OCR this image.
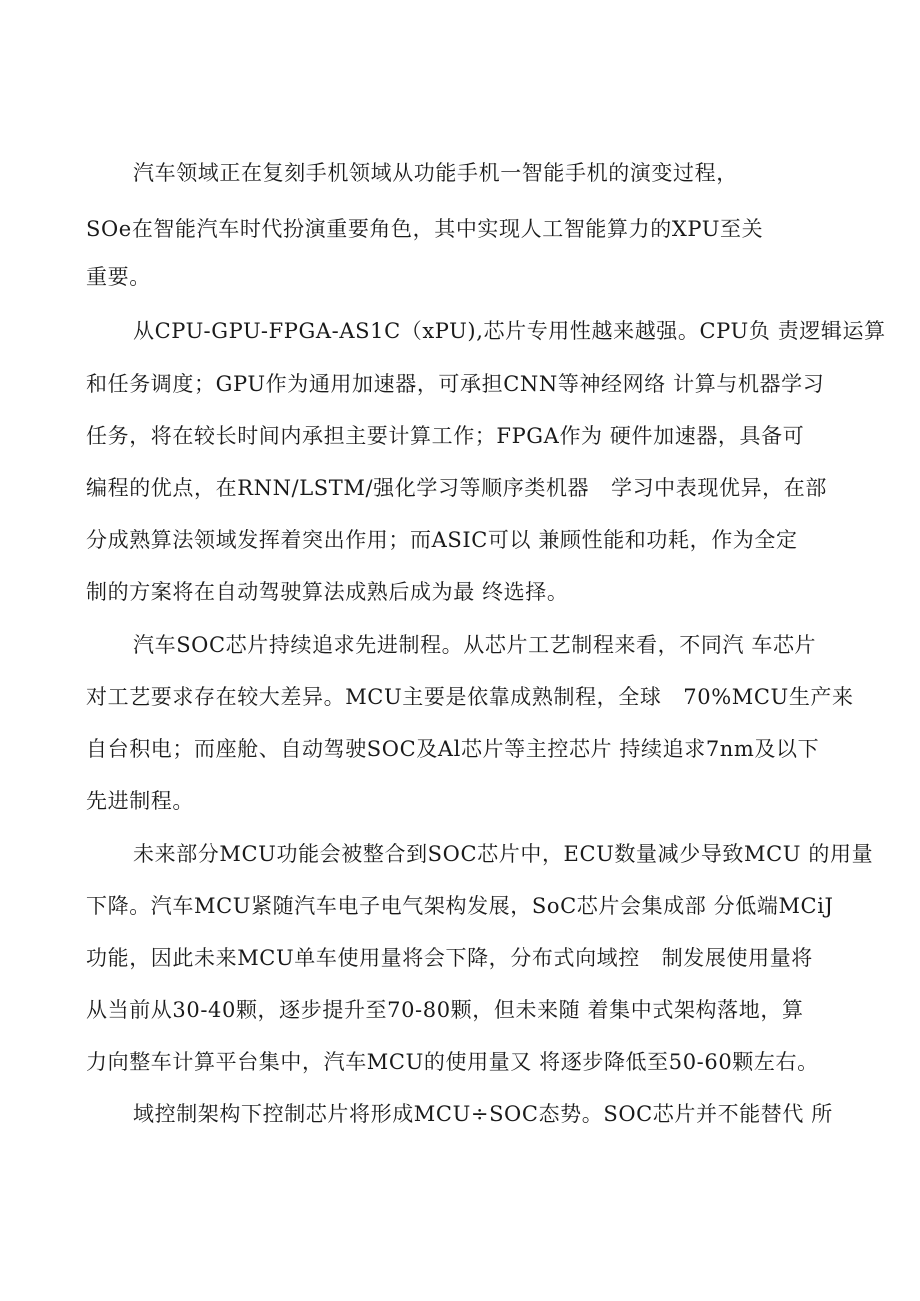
汽车领域正在复刻手机领域从功能手机一智能手机的演变过程，
SOe在智能汽车时代扮演重要角色，其中实现人工智能算力的XPU至关
重要。
从CPU-GPU-FPGA-AS1C（xPU),芯片专用性越来越强。CPU负 责逻辑运算
和任务调度；GPU作为通用加速器，可承担CNN等神经网络 计算与机器学习
任务，将在较长时间内承担主要计算工作；FPGA作为 硬件加速器，具备可
编程的优点，在RNN/LSTM/强化学习等顺序类机器   学习中表现优异，在部
分成熟算法领域发挥着突出作用；而ASIC可以 兼顾性能和功耗，作为全定
制的方案将在自动驾驶算法成熟后成为最 终选择。
汽车SOC芯片持续追求先进制程。从芯片工艺制程来看，不同汽 车芯片
对工艺要求存在较大差异。MCU主要是依靠成熟制程，全球   70%MCU生产来
自台积电；而座舱、自动驾驶SOC及Al芯片等主控芯片 持续追求7nm及以下
先进制程。
未来部分MCU功能会被整合到SOC芯片中，ECU数量减少导致MCU 的用量
下降。汽车MCU紧随汽车电子电气架构发展，SoC芯片会集成部 分低端MCiJ
功能，因此未来MCU单车使用量将会下降，分布式向域控   制发展使用量将
从当前从30-40颗，逐步提升至70-80颗，但未来随 着集中式架构落地，算
力向整车计算平台集中，汽车MCU的使用量又 将逐步降低至50-60颗左右。
域控制架构下控制芯片将形成MCU÷SOC态势。SOC芯片并不能替代 所
